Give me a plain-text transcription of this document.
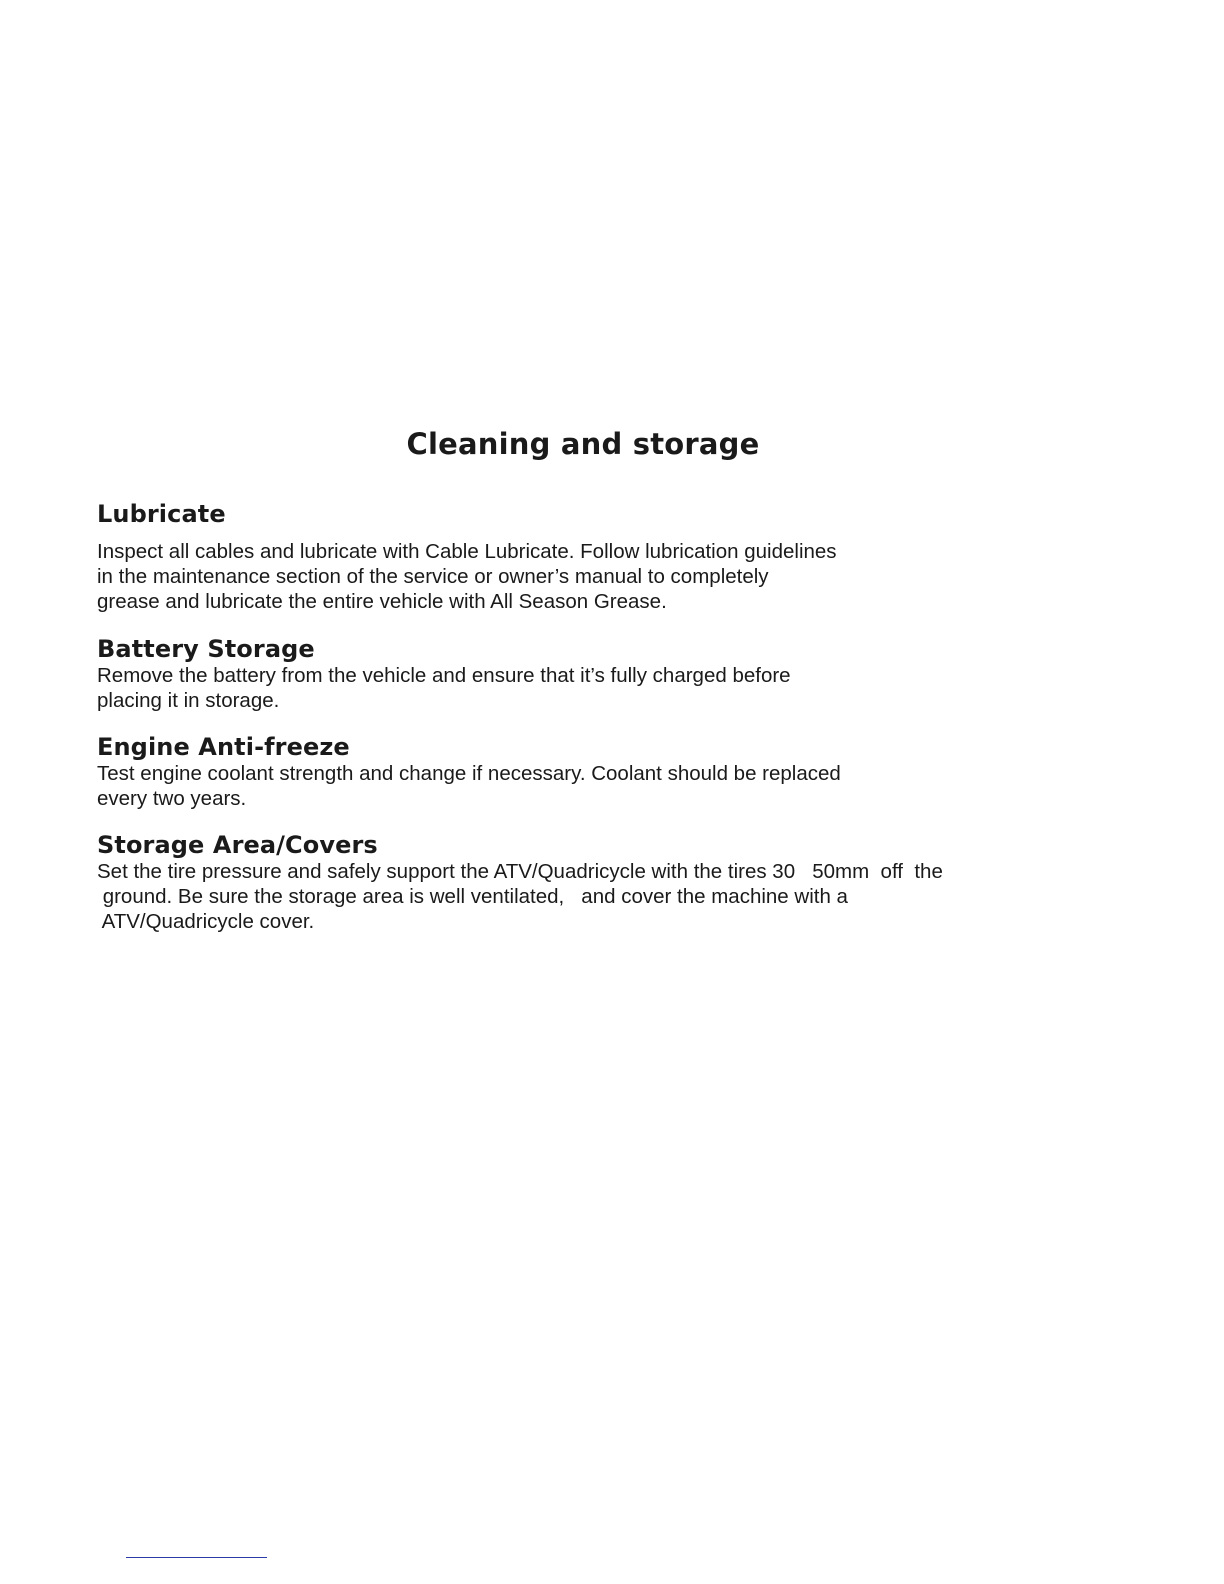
Cleaning and storage
Lubricate

Inspect all cables and lubricate with Cable Lubricate. Follow lubrication guidelines
in the maintenance section of the service or owner’s manual to completely
grease and lubricate the entire vehicle with All Season Grease.

Battery Storage

Remove the battery from the vehicle and ensure that it’s fully charged before
placing it in storage.

Engine Anti-freeze

Test engine coolant strength and change if necessary. Coolant should be replaced
every two years.

Storage Area/Covers

Set the tire pressure and safely support the ATV/Quadricycle with the tires 30   50mm  off  the
ground. Be sure the storage area is well ventilated,   and cover the machine with a
ATV/Quadricycle cover.
